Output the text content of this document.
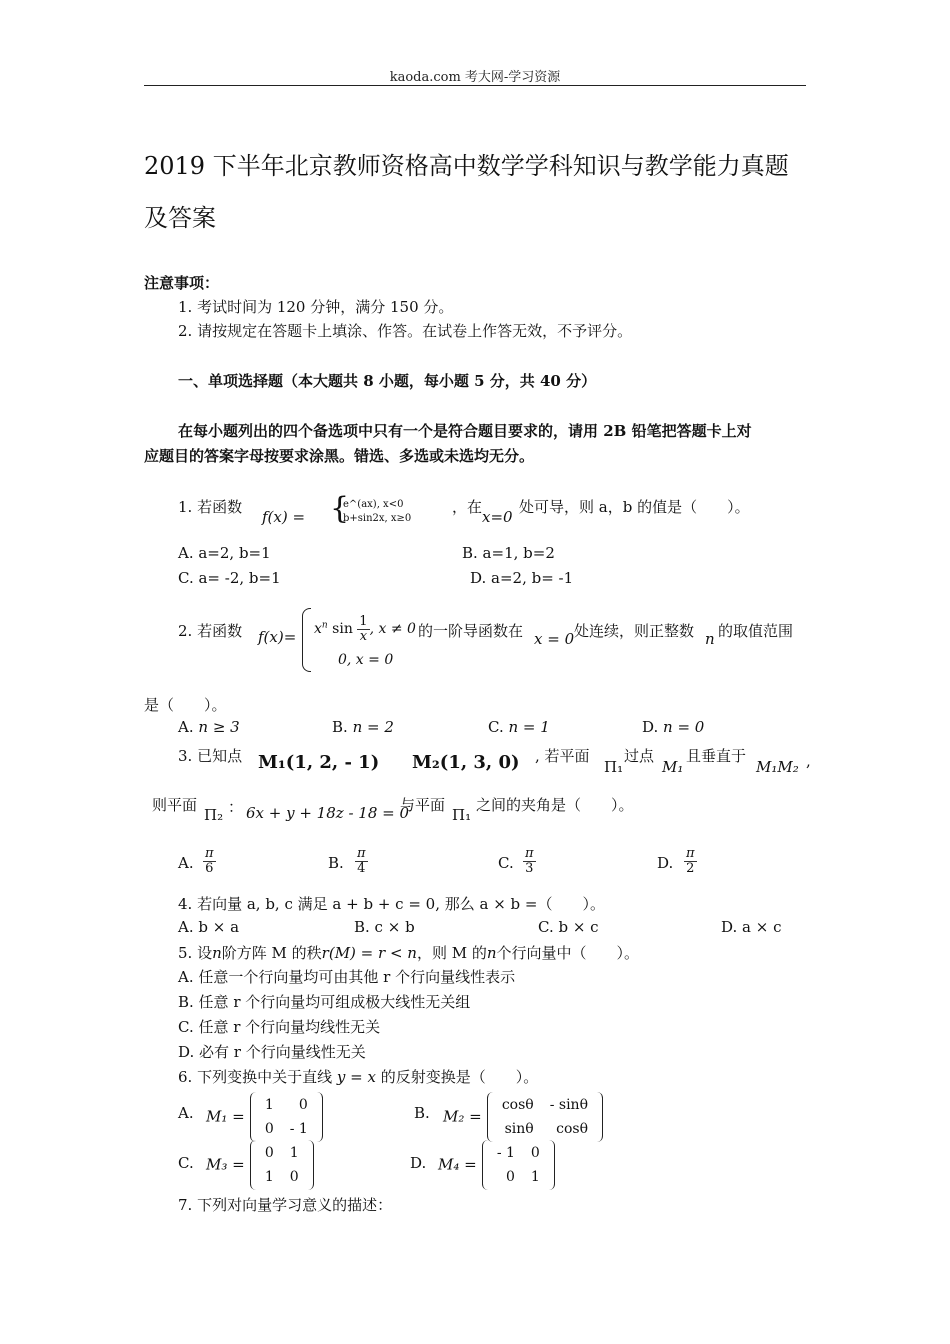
kaoda.com 考大网-学习资源
2019 下半年北京教师资格高中数学学科知识与教学能力真题及答案
注意事项：
1. 考试时间为 120 分钟，满分 150 分。
2. 请按规定在答题卡上填涂、作答。在试卷上作答无效，不予评分。
一、单项选择题（本大题共 8 小题，每小题 5 分，共 40 分）
在每小题列出的四个备选项中只有一个是符合题目要求的，请用 2B 铅笔把答题卡上对
应题目的答案字母按要求涂黑。错选、多选或未选均无分。
1. 若函数
f(x) = {
e^(ax), x<0
b+sin2x, x≥0
，在
x=0
处可导，则 a，b 的值是（　　）。
A. a=2, b=1	B. a=1, b=2
C. a= -2, b=1	D. a=2, b= -1
2. 若函数 $f(x)= x^n$ $\sin \frac{1}{x}$, x ≠ 0
0, x = 0
的一阶导函数在 x = 0 处连续，则正整数 n 的取值范围
是（　　）。
A. n ≥ 3	B. n = 2	C. n = 1	D. n = 0
3. 已知点 M₁(1, 2, - 1) M₂(1, 3, 0) , 若平面
Π₁
过点
M₁
且垂直于
M₁M₂ ,
则平面
Π₂ ： 6x + y + 18z - 18 = 0
与平面
Π₁
之间的夹角是（　　）。
A. $\frac{\pi}{6}$	B. $\frac{\pi}{4}$	C. $\frac{\pi}{3}$	D. $\frac{\pi}{2}$
4. 若向量 a, b, c 满足 a + b + c = 0, 那么 a × b =（　　）。
A. b × a	B. c × b	C. b × c	D. a × c
5. 设n阶方阵 M 的秩r(M) = r < n，则 M 的n个行向量中（　　）。
A. 任意一个行向量均可由其他 r 个行向量线性表示
B. 任意 r 个行向量均可组成极大线性无关组
C. 任意 r 个行向量均线性无关
D. 必有 r 个行向量线性无关
6. 下列变换中关于直线 y = x 的反射变换是（　　）。
A. M₁ =
1	0
0	- 1
B. M₂ =
cosθ	- sinθ
sinθ	cosθ
C. M₃ =
0	1
1	0
D. M₄ =
- 1	0
0	1
7. 下列对向量学习意义的描述：
